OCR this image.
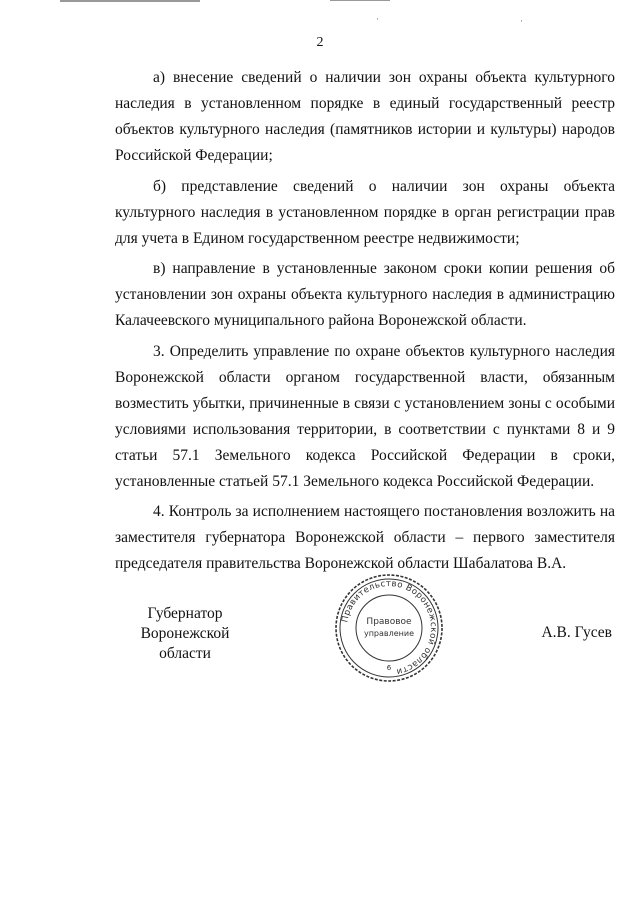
·	·
2

а) внесение сведений о наличии зон охраны объекта культурного наследия в установленном порядке в единый государственный реестр объектов культурного наследия (памятников истории и культуры) народов Российской Федерации;

б) представление сведений о наличии зон охраны объекта культурного наследия в установленном порядке в орган регистрации прав для учета в Едином государственном реестре недвижимости;

в) направление в установленные законом сроки копии решения об установлении зон охраны объекта культурного наследия в администрацию Калачеевского муниципального района Воронежской области.

3. Определить управление по охране объектов культурного наследия Воронежской области органом государственной власти, обязанным возместить убытки, причиненные в связи с установлением зоны с особыми условиями использования территории, в соответствии с пунктами 8 и 9 статьи 57.1 Земельного кодекса Российской Федерации в сроки, установленные статьей 57.1 Земельного кодекса Российской Федерации.

4. Контроль за исполнением настоящего постановления возложить на заместителя губернатора Воронежской области – первого заместителя председателя правительства Воронежской области Шабалатова В.А.

Губернатор
Воронежской области
Правительство Воронежской области
Правовое
управление
6
А.В. Гусев
